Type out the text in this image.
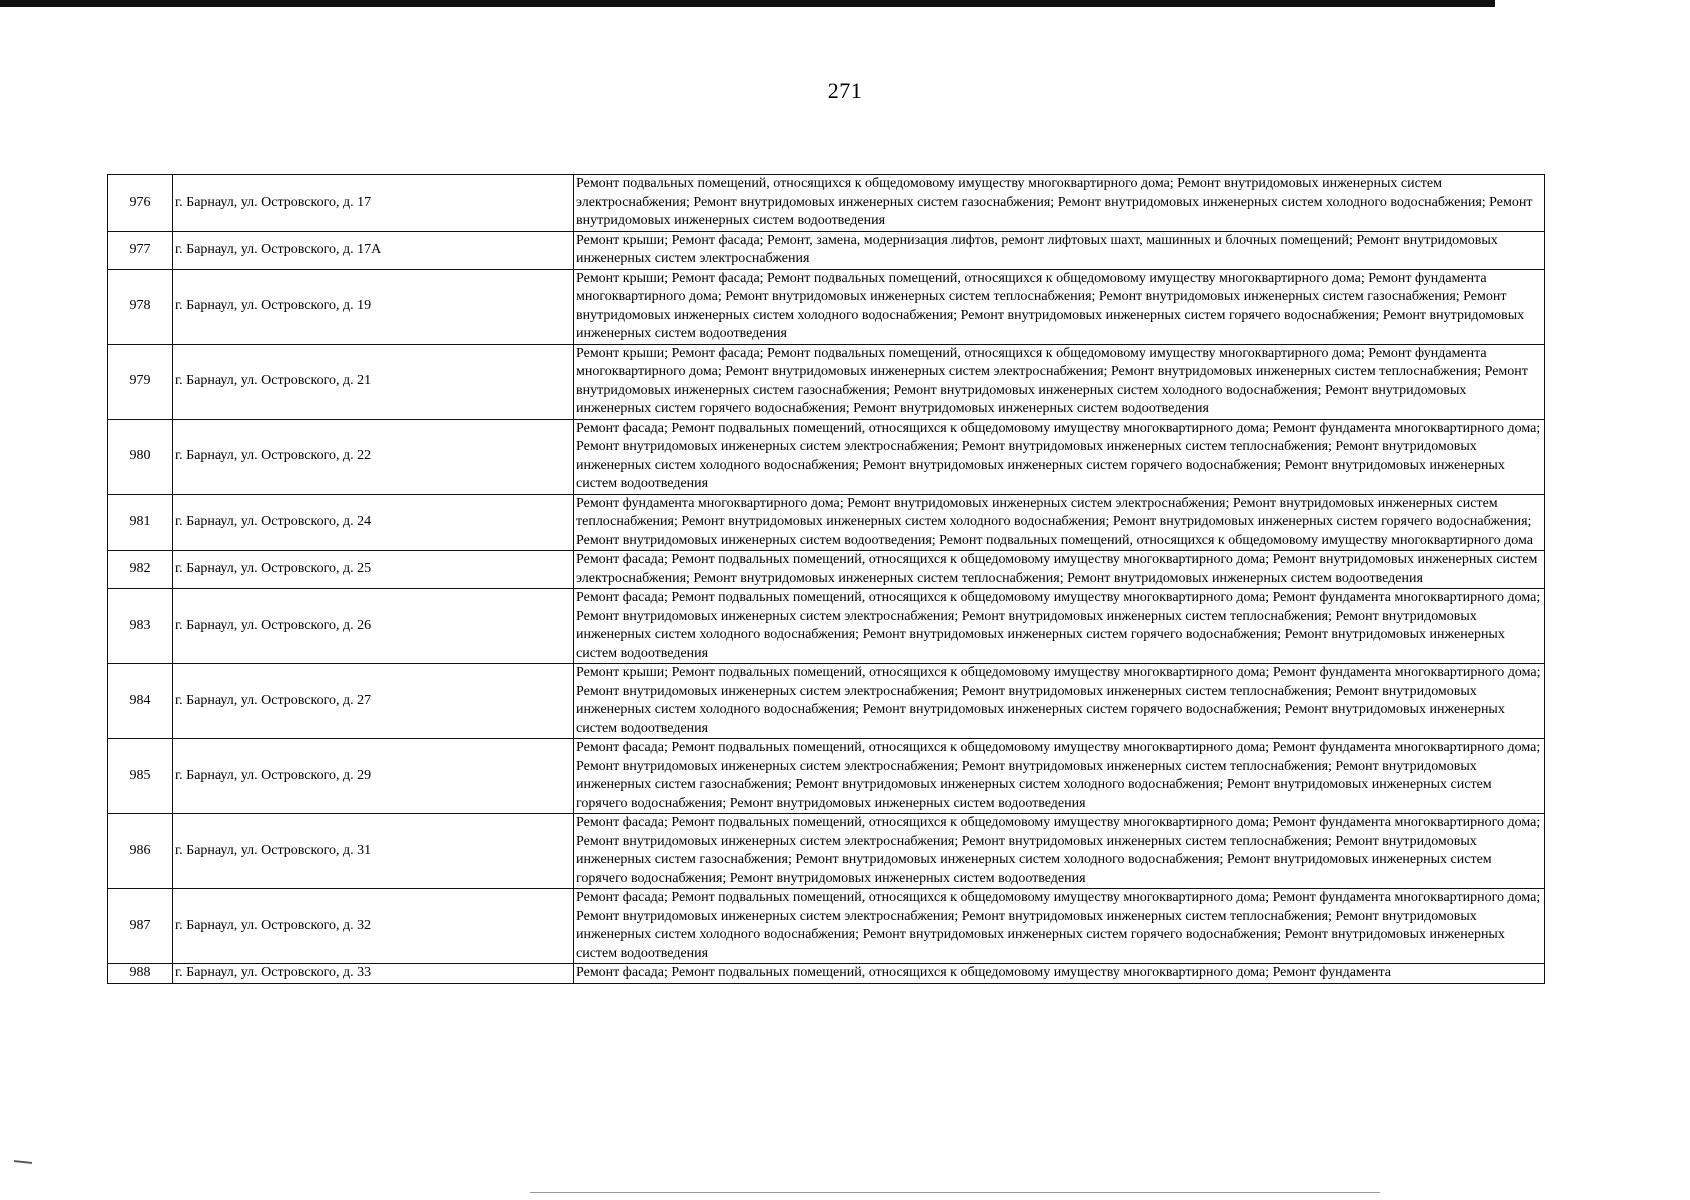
271
976	г. Барнаул, ул. Островского, д. 17	Ремонт подвальных помещений, относящихся к общедомовому имуществу многоквартирного дома; Ремонт внутридомовых инженерных систем электроснабжения; Ремонт внутридомовых инженерных систем газоснабжения; Ремонт внутридомовых инженерных систем холодного водоснабжения; Ремонт внутридомовых инженерных систем водоотведения
977	г. Барнаул, ул. Островского, д. 17А	Ремонт крыши; Ремонт фасада; Ремонт, замена, модернизация лифтов, ремонт лифтовых шахт, машинных и блочных помещений; Ремонт внутридомовых инженерных систем электроснабжения
978	г. Барнаул, ул. Островского, д. 19	Ремонт крыши; Ремонт фасада; Ремонт подвальных помещений, относящихся к общедомовому имуществу многоквартирного дома; Ремонт фундамента многоквартирного дома; Ремонт внутридомовых инженерных систем теплоснабжения; Ремонт внутридомовых инженерных систем газоснабжения; Ремонт внутридомовых инженерных систем холодного водоснабжения; Ремонт внутридомовых инженерных систем горячего водоснабжения; Ремонт внутридомовых инженерных систем водоотведения
979	г. Барнаул, ул. Островского, д. 21	Ремонт крыши; Ремонт фасада; Ремонт подвальных помещений, относящихся к общедомовому имуществу многоквартирного дома; Ремонт фундамента многоквартирного дома; Ремонт внутридомовых инженерных систем электроснабжения; Ремонт внутридомовых инженерных систем теплоснабжения; Ремонт внутридомовых инженерных систем газоснабжения; Ремонт внутридомовых инженерных систем холодного водоснабжения; Ремонт внутридомовых инженерных систем горячего водоснабжения; Ремонт внутридомовых инженерных систем водоотведения
980	г. Барнаул, ул. Островского, д. 22	Ремонт фасада; Ремонт подвальных помещений, относящихся к общедомовому имуществу многоквартирного дома; Ремонт фундамента многоквартирного дома; Ремонт внутридомовых инженерных систем электроснабжения; Ремонт внутридомовых инженерных систем теплоснабжения; Ремонт внутридомовых инженерных систем холодного водоснабжения; Ремонт внутридомовых инженерных систем горячего водоснабжения; Ремонт внутридомовых инженерных систем водоотведения
981	г. Барнаул, ул. Островского, д. 24	Ремонт фундамента многоквартирного дома; Ремонт внутридомовых инженерных систем электроснабжения; Ремонт внутридомовых инженерных систем теплоснабжения; Ремонт внутридомовых инженерных систем холодного водоснабжения; Ремонт внутридомовых инженерных систем горячего водоснабжения; Ремонт внутридомовых инженерных систем водоотведения; Ремонт подвальных помещений, относящихся к общедомовому имуществу многоквартирного дома
982	г. Барнаул, ул. Островского, д. 25	Ремонт фасада; Ремонт подвальных помещений, относящихся к общедомовому имуществу многоквартирного дома; Ремонт внутридомовых инженерных систем электроснабжения; Ремонт внутридомовых инженерных систем теплоснабжения; Ремонт внутридомовых инженерных систем водоотведения
983	г. Барнаул, ул. Островского, д. 26	Ремонт фасада; Ремонт подвальных помещений, относящихся к общедомовому имуществу многоквартирного дома; Ремонт фундамента многоквартирного дома; Ремонт внутридомовых инженерных систем электроснабжения; Ремонт внутридомовых инженерных систем теплоснабжения; Ремонт внутридомовых инженерных систем холодного водоснабжения; Ремонт внутридомовых инженерных систем горячего водоснабжения; Ремонт внутридомовых инженерных систем водоотведения
984	г. Барнаул, ул. Островского, д. 27	Ремонт крыши; Ремонт подвальных помещений, относящихся к общедомовому имуществу многоквартирного дома; Ремонт фундамента многоквартирного дома; Ремонт внутридомовых инженерных систем электроснабжения; Ремонт внутридомовых инженерных систем теплоснабжения; Ремонт внутридомовых инженерных систем холодного водоснабжения; Ремонт внутридомовых инженерных систем горячего водоснабжения; Ремонт внутридомовых инженерных систем водоотведения
985	г. Барнаул, ул. Островского, д. 29	Ремонт фасада; Ремонт подвальных помещений, относящихся к общедомовому имуществу многоквартирного дома; Ремонт фундамента многоквартирного дома; Ремонт внутридомовых инженерных систем электроснабжения; Ремонт внутридомовых инженерных систем теплоснабжения; Ремонт внутридомовых инженерных систем газоснабжения; Ремонт внутридомовых инженерных систем холодного водоснабжения; Ремонт внутридомовых инженерных систем горячего водоснабжения; Ремонт внутридомовых инженерных систем водоотведения
986	г. Барнаул, ул. Островского, д. 31	Ремонт фасада; Ремонт подвальных помещений, относящихся к общедомовому имуществу многоквартирного дома; Ремонт фундамента многоквартирного дома; Ремонт внутридомовых инженерных систем электроснабжения; Ремонт внутридомовых инженерных систем теплоснабжения; Ремонт внутридомовых инженерных систем газоснабжения; Ремонт внутридомовых инженерных систем холодного водоснабжения; Ремонт внутридомовых инженерных систем горячего водоснабжения; Ремонт внутридомовых инженерных систем водоотведения
987	г. Барнаул, ул. Островского, д. 32	Ремонт фасада; Ремонт подвальных помещений, относящихся к общедомовому имуществу многоквартирного дома; Ремонт фундамента многоквартирного дома; Ремонт внутридомовых инженерных систем электроснабжения; Ремонт внутридомовых инженерных систем теплоснабжения; Ремонт внутридомовых инженерных систем холодного водоснабжения; Ремонт внутридомовых инженерных систем горячего водоснабжения; Ремонт внутридомовых инженерных систем водоотведения
988	г. Барнаул, ул. Островского, д. 33	Ремонт фасада; Ремонт подвальных помещений, относящихся к общедомовому имуществу многоквартирного дома; Ремонт фундамента
